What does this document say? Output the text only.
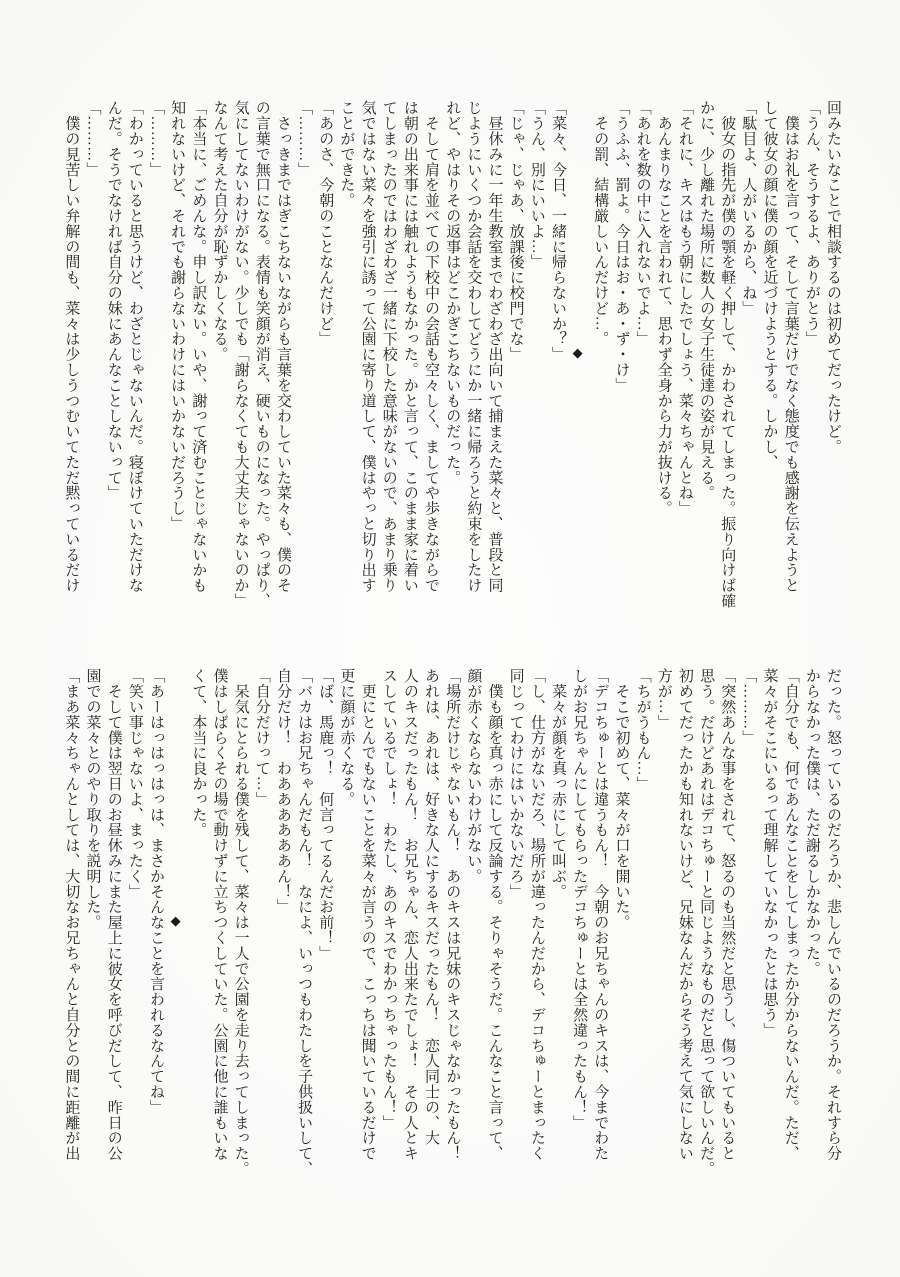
回みたいなことで相談するのは初めてだったけど。
「うん、そうするよ、ありがとう」
　僕はお礼を言って、そして言葉だけでなく態度でも感謝を伝えようと
して彼女の顔に僕の顔を近づけようとする。しかし、
「駄目よ、人がいるから、ね」
　彼女の指先が僕の顎を軽く押して、かわされてしまった。振り向けば確
かに、少し離れた場所に数人の女子生徒達の姿が見える。
「それに、キスはもう朝にしたでしょう、菜々ちゃんとね」
　あんまりなことを言われて、思わず全身から力が抜ける。
「あれを数の中に入れないでよ…」
「うふふ、罰よ。今日はお・あ・ず・け」
　その罰、結構厳しいんだけど…。
◆
「菜々、今日、一緒に帰らないか？」
「うん、別にいいよ…」
「じゃ、じゃあ、放課後に校門でな」
　昼休みに一年生教室までわざわざ出向いて捕まえた菜々と、普段と同
じようにいくつか会話を交わしてどうにか一緒に帰ろうと約束をしたけ
れど、やはりその返事はどこかぎこちないものだった。
　そして肩を並べての下校中の会話も空々しく、ましてや歩きながらで
は朝の出来事には触れようもなかった。かと言って、このまま家に着い
てしまったのではわざわざ一緒に下校した意味がないので、あまり乗り
気ではない菜々を強引に誘って公園に寄り道して、僕はやっと切り出す
ことができた。
「あのさ、今朝のことなんだけど」
「………」
　さっきまではぎこちないながらも言葉を交わしていた菜々も、僕のそ
の言葉で無口になる。表情も笑顔が消え、硬いものになった。やっぱり、
気にしてないわけがない。少しでも「謝らなくても大丈夫じゃないのか」
なんて考えた自分が恥ずかしくなる。
「本当に、ごめんな。申し訳ない。いや、謝って済むことじゃないかも
知れないけど、それでも謝らないわけにはいかないだろうし」
「………」
「わかっていると思うけど、わざとじゃないんだ。寝ぼけていただけな
んだ。そうでなければ自分の妹にあんなことしないって」
「………」
　僕の見苦しい弁解の間も、菜々は少しうつむいてただ黙っているだけ
だった。怒っているのだろうか、悲しんでいるのだろうか。それすら分
からなかった僕は、ただ謝るしかなかった。
「自分でも、何であんなことをしてしまったか分からないんだ。ただ、
菜々がそこにいるって理解していなかったとは思う」
「………」
「突然あんな事をされて、怒るのも当然だと思うし、傷ついてもいると
思う。だけどあれはデコちゅーと同じようなものだと思って欲しいんだ。
初めてだったかも知れないけど、兄妹なんだからそう考えて気にしない
方が…」
「ちがうもん…」
　そこで初めて、菜々が口を開いた。
「デコちゅーとは違うもん！　今朝のお兄ちゃんのキスは、今までわた
しがお兄ちゃんにしてもらったデコちゅーとは全然違ったもん！」
　菜々が顔を真っ赤にして叫ぶ。
「し、仕方がないだろ、場所が違ったんだから、デコちゅーとまったく
同じってわけにはいかないだろ」
　僕も顔を真っ赤にして反論する。そりゃそうだ。こんなこと言って、
顔が赤くならないわけがない。
「場所だけじゃないもん！　あのキスは兄妹のキスじゃなかったもん！
あれは、あれは、好きな人にするキスだったもん！　恋人同士の、大
人のキスだったもん！　お兄ちゃん、恋人出来たでしょ！　その人とキ
スしているでしょ！　わたし、あのキスでわかっちゃったもん！」
　更にとんでもないことを菜々が言うので、こっちは聞いているだけで
更に顔が赤くなる。
「ば、馬鹿っ！　何言ってるんだお前！」
「バカはお兄ちゃんだもん！　なによ、いっつもわたしを子供扱いして、
自分だけ！　わああああああん！」
「自分だけって…」
　呆気にとられる僕を残して、菜々は一人で公園を走り去ってしまった。
僕はしばらくその場で動けずに立ちつくしていた。公園に他に誰もいな
くて、本当に良かった。
◆
「あーはっはっはっは、まさかそんなことを言われるなんてね」
「笑い事じゃないよ、まったく」
　そして僕は翌日のお昼休みにまた屋上に彼女を呼びだして、昨日の公
園での菜々とのやり取りを説明した。
「まあ菜々ちゃんとしては、大切なお兄ちゃんと自分との間に距離が出
